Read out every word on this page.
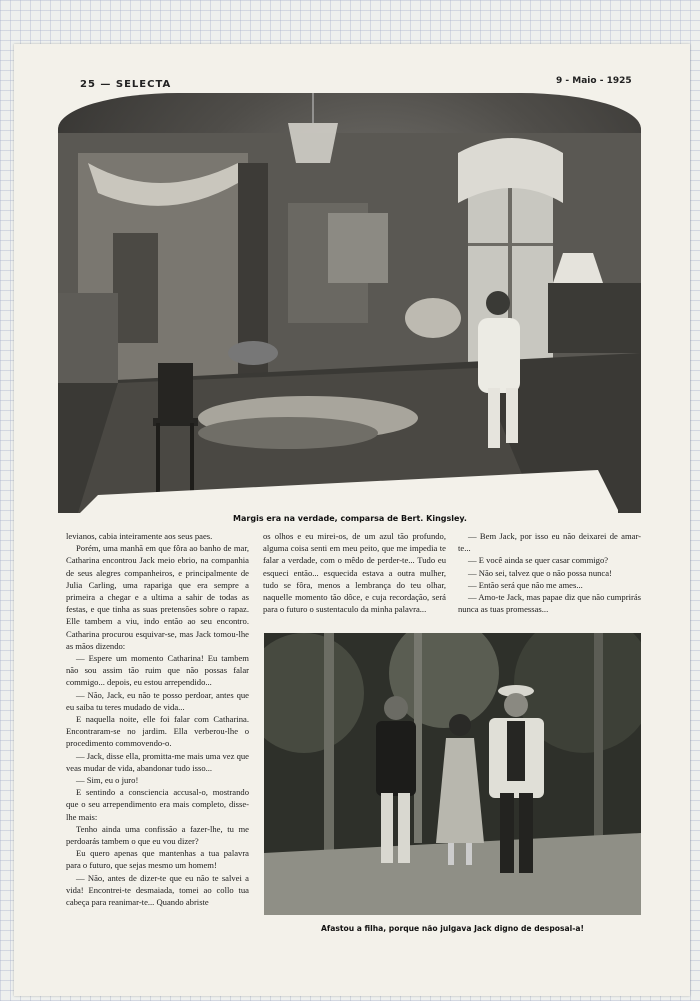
25 — SELECTA	9 - Maio - 1925
Margis era na verdade, comparsa de Bert. Kingsley.

levianos, cabia inteiramente aos seus paes.

Porém, uma manhã em que fôra ao banho de mar, Catharina encontrou Jack meio ebrio, na companhia de seus alegres companheiros, e principalmente de Julia Carling, uma rapariga que era sempre a primeira a chegar e a ultima a sahir de todas as festas, e que tinha as suas pretensões sobre o rapaz. Elle tambem a viu, indo então ao seu encontro. Catharina procurou esquivar-se, mas Jack tomou-lhe as mãos dizendo:

— Espere um momento Catharina! Eu tambem não sou assim tão ruim que não possas falar commigo... depois, eu estou arrependido...

— Não, Jack, eu não te posso perdoar, antes que eu saiba tu teres mudado de vida...

E naquella noite, elle foi falar com Catharina. Encontraram-se no jardim. Ella verberou-lhe o procedimento commovendo-o.

— Jack, disse ella, promitta-me mais uma vez que veas mudar de vida, abandonar tudo isso...

— Sim, eu o juro!

E sentindo a consciencia accusal-o, mostrando que o seu arrependimento era mais completo, disse-lhe mais:

Tenho ainda uma confissão a fazer-lhe, tu me perdoarás tambem o que eu vou dizer?

Eu quero apenas que mantenhas a tua palavra para o futuro, que sejas mesmo um homem!

— Não, antes de dizer-te que eu não te salvei a vida! Encontrei-te desmaiada, tomei ao collo tua cabeça para reanimar-te... Quando abriste

os olhos e eu mirei-os, de um azul tão profundo, alguma coisa senti em meu peito, que me impedia te falar a verdade, com o mêdo de perder-te... Tudo eu esqueci então... esquecida estava a outra mulher, tudo se fôra, menos a lembrança do teu olhar, naquelle momento tão dôce, e cuja recordação, será para o futuro o sustentaculo da minha palavra...

— Bem Jack, por isso eu não deixarei de amar-te...

— E você ainda se quer casar commigo?

— Não sei, talvez que o não possa nunca!

— Então será que não me ames...

— Amo-te Jack, mas papae diz que não cumprirás nunca as tuas promessas...

Afastou a filha, porque não julgava Jack digno de desposal-a!
